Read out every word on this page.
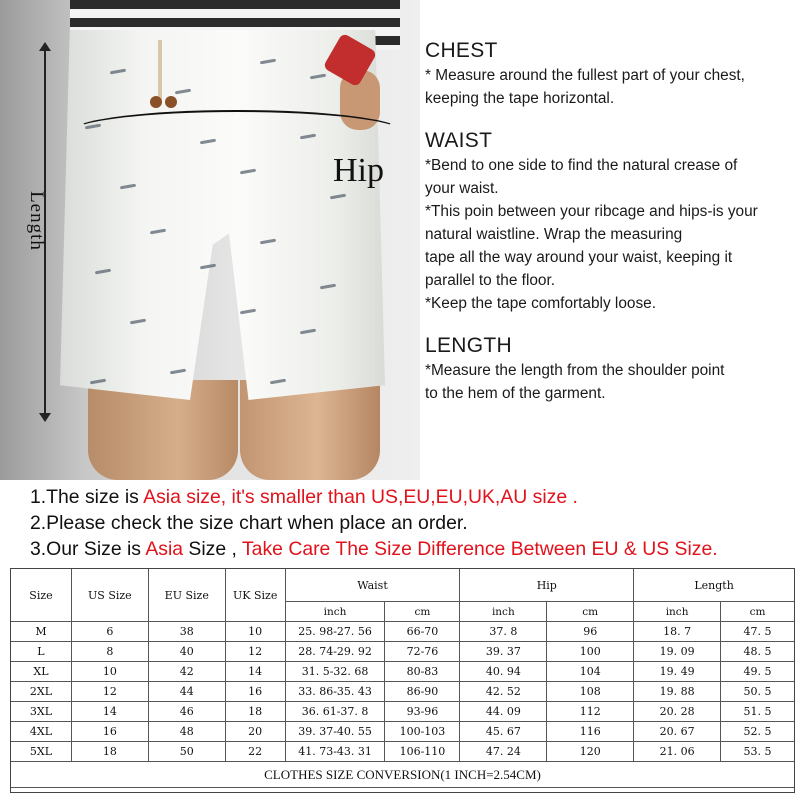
Length
Hip

CHEST

* Measure around the fullest part of your chest,

keeping the tape horizontal.

WAIST

*Bend to one side to find the natural crease of

your waist.

*This poin between your ribcage and hips-is your

natural waistline. Wrap the measuring

tape all the way around your waist, keeping it

parallel to the floor.

*Keep the tape comfortably loose.

LENGTH

*Measure the length from the shoulder point

to the hem of the garment.

1.The size is Asia size, it's smaller than US,EU,EU,UK,AU size .
2.Please check the size chart when place an order.
3.Our Size is Asia Size , Take Care The Size Difference Between EU & US Size.
Size	US Size	EU Size	UK Size	Waist		Hip		Length	
				inch	cm	inch	cm	inch	cm
M	6	38	10	25. 98-27. 56	66-70	37. 8	96	18. 7	47. 5
L	8	40	12	28. 74-29. 92	72-76	39. 37	100	19. 09	48. 5
XL	10	42	14	31. 5-32. 68	80-83	40. 94	104	19. 49	49. 5
2XL	12	44	16	33. 86-35. 43	86-90	42. 52	108	19. 88	50. 5
3XL	14	46	18	36. 61-37. 8	93-96	44. 09	112	20. 28	51. 5
4XL	16	48	20	39. 37-40. 55	100-103	45. 67	116	20. 67	52. 5
5XL	18	50	22	41. 73-43. 31	106-110	47. 24	120	21. 06	53. 5
CLOTHES SIZE CONVERSION(1 INCH=2.54CM)									
